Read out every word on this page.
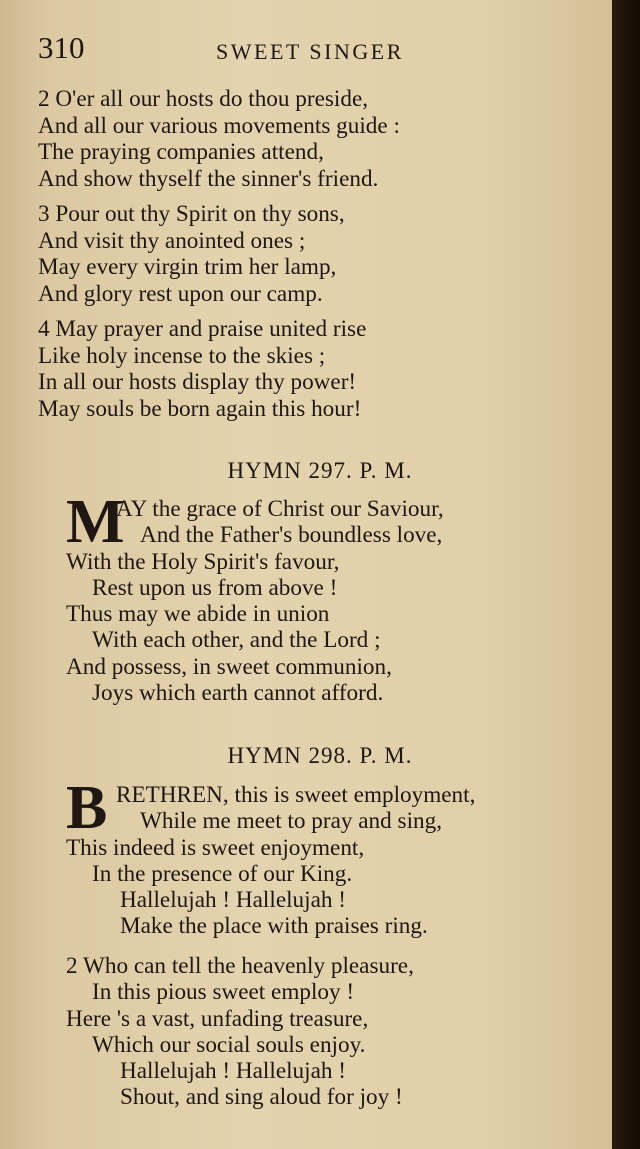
310	SWEET SINGER
2 O'er all our hosts do thou preside,
And all our various movements guide :
The praying companies attend,
And show thyself the sinner's friend.
3 Pour out thy Spirit on thy sons,
And visit thy anointed ones ;
May every virgin trim her lamp,
And glory rest upon our camp.
4 May prayer and praise united rise
Like holy incense to the skies ;
In all our hosts display thy power!
May souls be born again this hour!
HYMN 297. P. M.
M
AY the grace of Christ our Saviour,
And the Father's boundless love,
With the Holy Spirit's favour,
Rest upon us from above !
Thus may we abide in union
With each other, and the Lord ;
And possess, in sweet communion,
Joys which earth cannot afford.
HYMN 298. P. M.
B RETHREN, this is sweet employment,
While me meet to pray and sing,
This indeed is sweet enjoyment,
In the presence of our King.
Hallelujah ! Hallelujah !
Make the place with praises ring.
2 Who can tell the heavenly pleasure,
In this pious sweet employ !
Here 's a vast, unfading treasure,
Which our social souls enjoy.
Hallelujah ! Hallelujah !
Shout, and sing aloud for joy !
